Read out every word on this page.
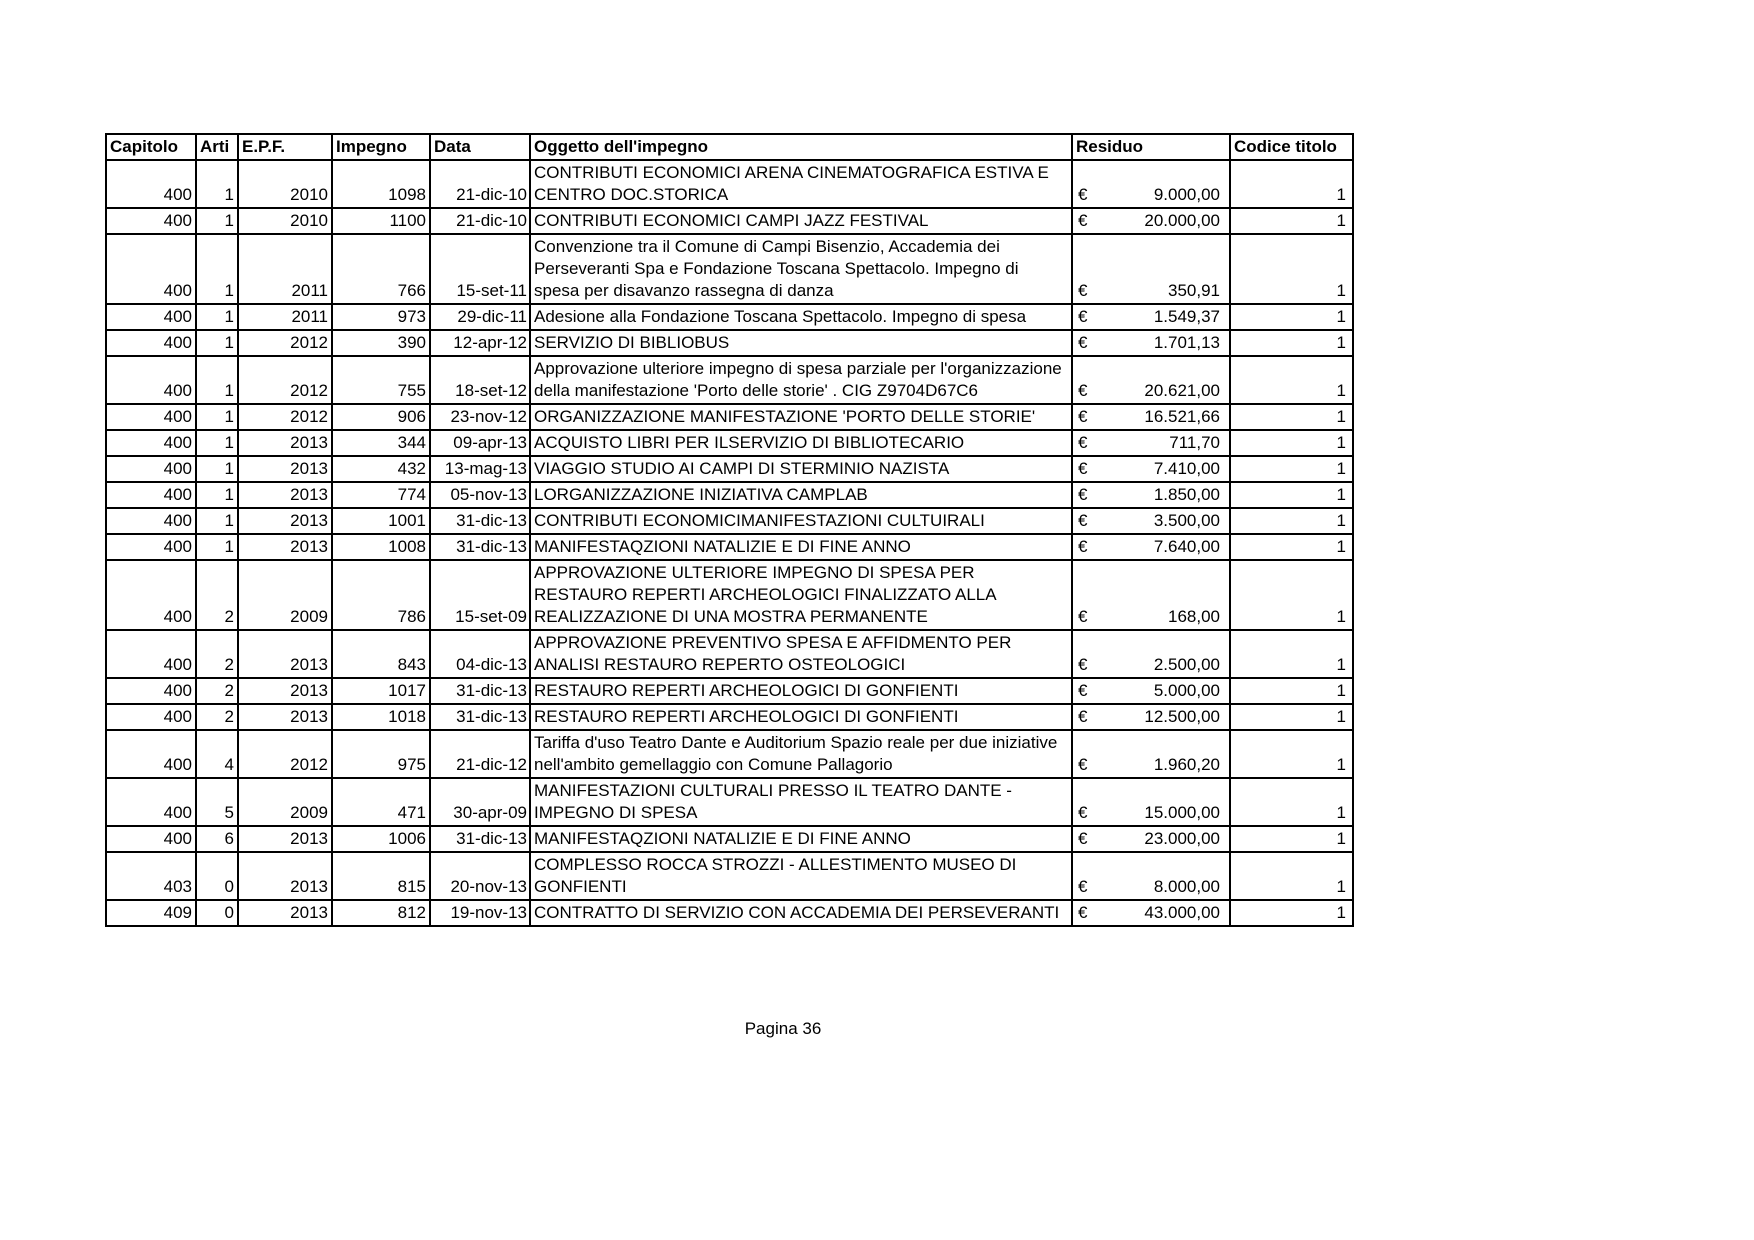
Capitolo	Arti	E.P.F.	Impegno	Data	Oggetto dell'impegno	Residuo	Codice titolo
400	1	2010	1098	21-dic-10	CONTRIBUTI ECONOMICI ARENA CINEMATOGRAFICA ESTIVA E CENTRO DOC.STORICA	€ 9.000,00	1
400	1	2010	1100	21-dic-10	CONTRIBUTI ECONOMICI CAMPI JAZZ FESTIVAL	€ 20.000,00	1
400	1	2011	766	15-set-11	Convenzione tra il Comune di Campi Bisenzio, Accademia dei Perseveranti Spa e Fondazione Toscana Spettacolo. Impegno di spesa per disavanzo rassegna di danza	€ 350,91	1
400	1	2011	973	29-dic-11	Adesione alla Fondazione Toscana Spettacolo. Impegno di spesa	€ 1.549,37	1
400	1	2012	390	12-apr-12	SERVIZIO DI BIBLIOBUS	€ 1.701,13	1
400	1	2012	755	18-set-12	Approvazione ulteriore impegno di spesa parziale per l'organizzazione della manifestazione 'Porto delle storie' . CIG Z9704D67C6	€ 20.621,00	1
400	1	2012	906	23-nov-12	ORGANIZZAZIONE MANIFESTAZIONE 'PORTO DELLE STORIE'	€ 16.521,66	1
400	1	2013	344	09-apr-13	ACQUISTO LIBRI PER ILSERVIZIO DI BIBLIOTECARIO	€ 711,70	1
400	1	2013	432	13-mag-13	VIAGGIO STUDIO AI CAMPI DI STERMINIO NAZISTA	€ 7.410,00	1
400	1	2013	774	05-nov-13	LORGANIZZAZIONE INIZIATIVA CAMPLAB	€ 1.850,00	1
400	1	2013	1001	31-dic-13	CONTRIBUTI ECONOMICIMANIFESTAZIONI CULTUIRALI	€ 3.500,00	1
400	1	2013	1008	31-dic-13	MANIFESTAQZIONI NATALIZIE E DI FINE ANNO	€ 7.640,00	1
400	2	2009	786	15-set-09	APPROVAZIONE ULTERIORE IMPEGNO DI SPESA PER RESTAURO REPERTI ARCHEOLOGICI FINALIZZATO ALLA REALIZZAZIONE DI UNA MOSTRA PERMANENTE	€ 168,00	1
400	2	2013	843	04-dic-13	APPROVAZIONE PREVENTIVO SPESA E AFFIDMENTO PER ANALISI RESTAURO REPERTO OSTEOLOGICI	€ 2.500,00	1
400	2	2013	1017	31-dic-13	RESTAURO REPERTI ARCHEOLOGICI DI GONFIENTI	€ 5.000,00	1
400	2	2013	1018	31-dic-13	RESTAURO REPERTI ARCHEOLOGICI DI GONFIENTI	€ 12.500,00	1
400	4	2012	975	21-dic-12	Tariffa d'uso Teatro Dante e Auditorium Spazio reale per due iniziative nell'ambito gemellaggio con Comune Pallagorio	€ 1.960,20	1
400	5	2009	471	30-apr-09	MANIFESTAZIONI CULTURALI PRESSO IL TEATRO DANTE - IMPEGNO DI SPESA	€ 15.000,00	1
400	6	2013	1006	31-dic-13	MANIFESTAQZIONI NATALIZIE E DI FINE ANNO	€ 23.000,00	1
403	0	2013	815	20-nov-13	COMPLESSO ROCCA STROZZI - ALLESTIMENTO MUSEO DI GONFIENTI	€ 8.000,00	1
409	0	2013	812	19-nov-13	CONTRATTO DI SERVIZIO CON ACCADEMIA DEI PERSEVERANTI	€ 43.000,00	1
Pagina 36
